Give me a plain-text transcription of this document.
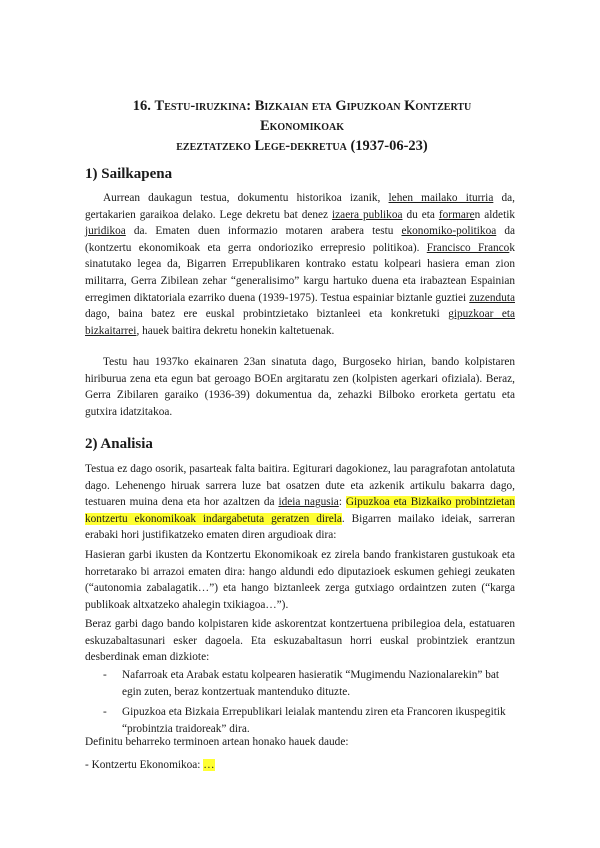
16. Testu-iruzkina: Bizkaian eta Gipuzkoan Kontzertu Ekonomikoak
ezeztatzeko Lege-dekretua (1937-06-23)
1) Sailkapena

Aurrean daukagun testua, dokumentu historikoa izanik, lehen mailako iturria da, gertakarien garaikoa delako. Lege dekretu bat denez izaera publikoa du eta formaren aldetik juridikoa da. Ematen duen informazio motaren arabera testu ekonomiko-politikoa da (kontzertu ekonomikoak eta gerra ondorioziko errepresio politikoa). Francisco Francok sinatutako legea da, Bigarren Errepublikaren kontrako estatu kolpeari hasiera eman zion militarra, Gerra Zibilean zehar “generalisimo” kargu hartuko duena eta irabaztean Espainian erregimen diktatoriala ezarriko duena (1939-1975). Testua espainiar biztanle guztiei zuzenduta dago, baina batez ere euskal probintzietako biztanleei eta konkretuki gipuzkoar eta bizkaitarrei, hauek baitira dekretu honekin kaltetuenak.

Testu hau 1937ko ekainaren 23an sinatuta dago, Burgoseko hirian, bando kolpistaren hiriburua zena eta egun bat geroago BOEn argitaratu zen (kolpisten agerkari ofiziala). Beraz, Gerra Zibilaren garaiko (1936-39) dokumentua da, zehazki Bilboko erorketa gertatu eta gutxira idatzitakoa.

2) Analisia

Testua ez dago osorik, pasarteak falta baitira. Egiturari dagokionez, lau paragrafotan antolatuta dago. Lehenengo hiruak sarrera luze bat osatzen dute eta azkenik artikulu bakarra dago, testuaren muina dena eta hor azaltzen da ideia nagusia: Gipuzkoa eta Bizkaiko probintzietan kontzertu ekonomikoak indargabetuta geratzen direla. Bigarren mailako ideiak, sarreran erabaki hori justifikatzeko ematen diren argudioak dira:

Hasieran garbi ikusten da Kontzertu Ekonomikoak ez zirela bando frankistaren gustukoak eta horretarako bi arrazoi ematen dira: hango aldundi edo diputazioek eskumen gehiegi zeukaten (“autonomia zabalagatik…”) eta hango biztanleek zerga gutxiago ordaintzen zuten (“karga publikoak altxatzeko ahalegin txikiagoa…”).

Beraz garbi dago bando kolpistaren kide askorentzat kontzertuena pribilegioa dela, estatuaren eskuzabaltasunari esker dagoela. Eta eskuzabaltasun horri euskal probintziek erantzun desberdinak eman dizkiote:

- Nafarroak eta Arabak estatu kolpearen hasieratik “Mugimendu Nazionalarekin” bat egin zuten, beraz kontzertuak mantenduko dituzte.
- Gipuzkoa eta Bizkaia Errepublikari leialak mantendu ziren eta Francoren ikuspegitik “probintzia traidoreak” dira.

Definitu beharreko terminoen artean honako hauek daude:

- Kontzertu Ekonomikoa: …
